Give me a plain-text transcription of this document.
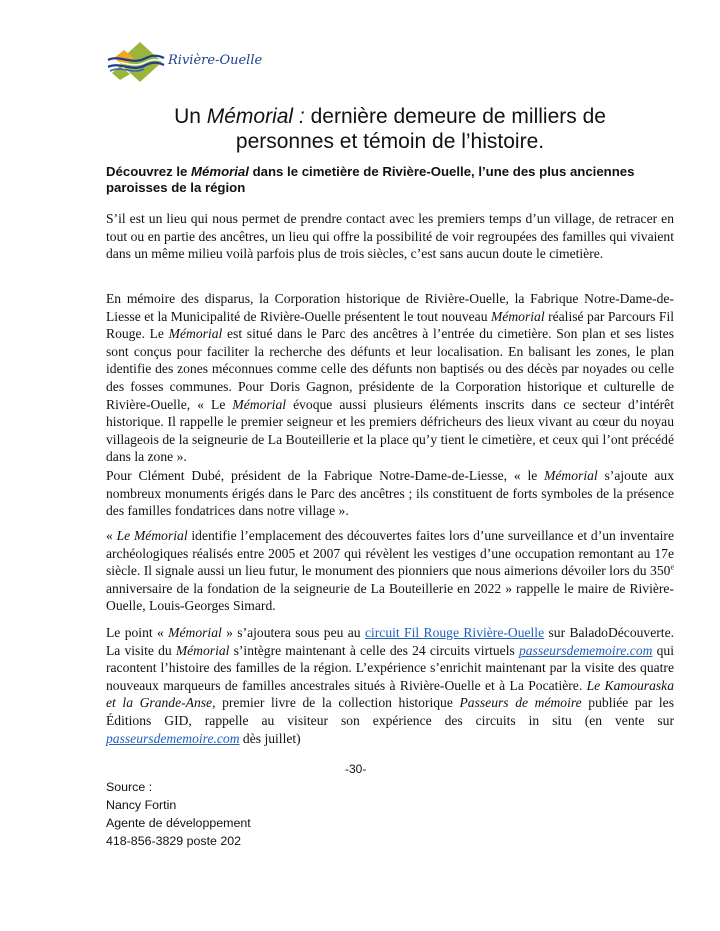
Rivière-Ouelle
Un Mémorial : dernière demeure de milliers de
personnes et témoin de l’histoire.
Découvrez le Mémorial dans le cimetière de Rivière-Ouelle, l’une des plus anciennes paroisses de la région

S’il est un lieu qui nous permet de prendre contact avec les premiers temps d’un village, de retracer en tout ou en partie des ancêtres, un lieu qui offre la possibilité de voir regroupées des familles qui vivaient dans un même milieu voilà parfois plus de trois siècles, c’est sans aucun doute le cimetière.

En mémoire des disparus, la Corporation historique de Rivière-Ouelle, la Fabrique Notre-Dame-de-Liesse et la Municipalité de Rivière-Ouelle présentent le tout nouveau Mémorial réalisé par Parcours Fil Rouge. Le Mémorial est situé dans le Parc des ancêtres à l’entrée du cimetière. Son plan et ses listes sont conçus pour faciliter la recherche des défunts et leur localisation. En balisant les zones, le plan identifie des zones méconnues comme celle des défunts non baptisés ou des décès par noyades ou celle des fosses communes. Pour Doris Gagnon, présidente de la Corporation historique et culturelle de Rivière-Ouelle, « Le Mémorial évoque aussi plusieurs éléments inscrits dans ce secteur d’intérêt historique. Il rappelle le premier seigneur et les premiers défricheurs des lieux vivant au cœur du noyau villageois de la seigneurie de La Bouteillerie et la place qu’y tient le cimetière, et ceux qui l’ont précédé dans la zone ».

Pour Clément Dubé, président de la Fabrique Notre-Dame-de-Liesse, « le Mémorial s’ajoute aux nombreux monuments érigés dans le Parc des ancêtres ; ils constituent de forts symboles de la présence des familles fondatrices dans notre village ».

« Le Mémorial identifie l’emplacement des découvertes faites lors d’une surveillance et d’un inventaire archéologiques réalisés entre 2005 et 2007 qui révèlent les vestiges d’une occupation remontant au 17e siècle. Il signale aussi un lieu futur, le monument des pionniers que nous aimerions dévoiler lors du 350e anniversaire de la fondation de la seigneurie de La Bouteillerie en 2022 » rappelle le maire de Rivière-Ouelle, Louis-Georges Simard.

Le point « Mémorial » s’ajoutera sous peu au circuit Fil Rouge Rivière-Ouelle sur BaladoDécouverte. La visite du Mémorial s’intègre maintenant à celle des 24 circuits virtuels passeursdememoire.com qui racontent l’histoire des familles de la région. L’expérience s’enrichit maintenant par la visite des quatre nouveaux marqueurs de familles ancestrales situés à Rivière-Ouelle et à La Pocatière. Le Kamouraska et la Grande-Anse, premier livre de la collection historique Passeurs de mémoire publiée par les Éditions GID, rappelle au visiteur son expérience des circuits in situ (en vente sur passeursdememoire.com dès juillet)

-30-
Source :
Nancy Fortin
Agente de développement
418-856-3829 poste 202
